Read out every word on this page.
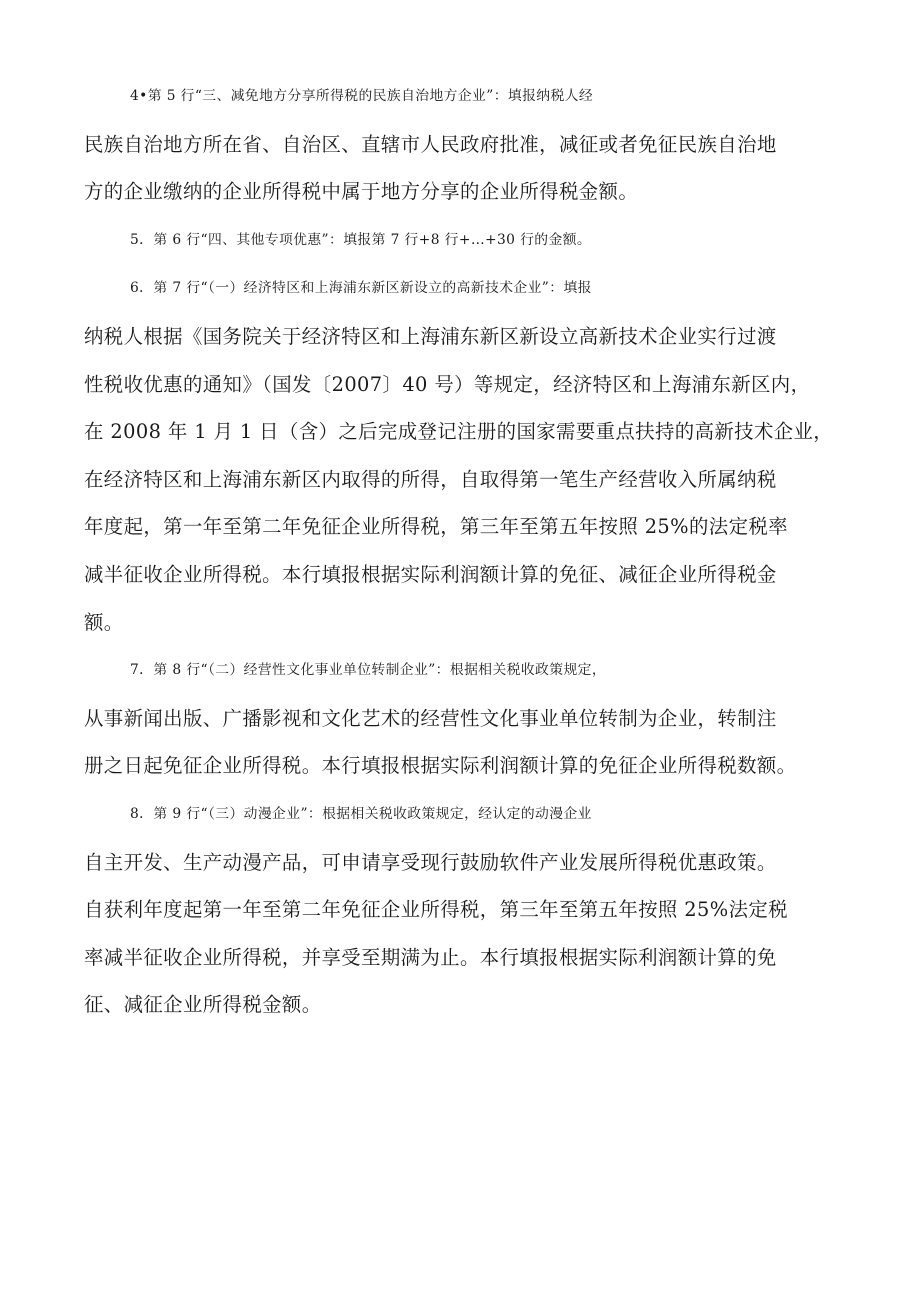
4•第 5 行“三、减免地方分享所得税的民族自治地方企业”：填报纳税人经
民族自治地方所在省、自治区、直辖市人民政府批准，减征或者免征民族自治地
方的企业缴纳的企业所得税中属于地方分享的企业所得税金额。

5．第 6 行“四、其他专项优惠”：填报第 7 行+8 行+…+30 行的金额。

6．第 7 行“（一）经济特区和上海浦东新区新设立的高新技术企业”：填报
纳税人根据《国务院关于经济特区和上海浦东新区新设立高新技术企业实行过渡
性税收优惠的通知》（国发〔2007〕40 号）等规定，经济特区和上海浦东新区内，
在 2008 年 1 月 1 日（含）之后完成登记注册的国家需要重点扶持的高新技术企业，
在经济特区和上海浦东新区内取得的所得，自取得第一笔生产经营收入所属纳税
年度起，第一年至第二年免征企业所得税，第三年至第五年按照 25%的法定税率
减半征收企业所得税。本行填报根据实际利润额计算的免征、减征企业所得税金
额。

7．第 8 行“（二）经营性文化事业单位转制企业”：根据相关税收政策规定，
从事新闻出版、广播影视和文化艺术的经营性文化事业单位转制为企业，转制注
册之日起免征企业所得税。本行填报根据实际利润额计算的免征企业所得税数额。

8．第 9 行“（三）动漫企业”：根据相关税收政策规定，经认定的动漫企业
自主开发、生产动漫产品，可申请享受现行鼓励软件产业发展所得税优惠政策。
自获利年度起第一年至第二年免征企业所得税，第三年至第五年按照 25%法定税
率减半征收企业所得税，并享受至期满为止。本行填报根据实际利润额计算的免
征、减征企业所得税金额。
